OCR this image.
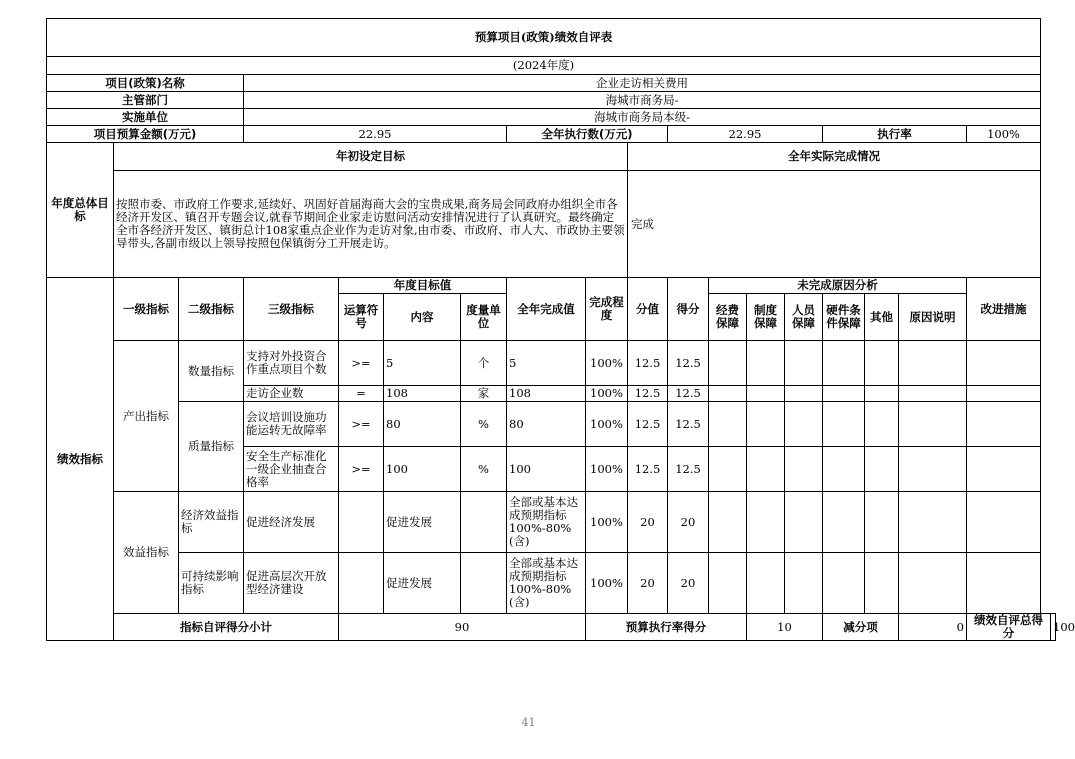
预算项目(政策)绩效自评表																		
(2024年度)																		
项目(政策)名称			企业走访相关费用															
主管部门			海城市商务局-															
实施单位			海城市商务局本级-															
项目预算金额(万元)			22.95				全年执行数(万元)			22.95				执行率			100%	
年度总体目标	年初设定目标								全年实际完成情况									
	按照市委、市政府工作要求,延续好、巩固好首届海商大会的宝贵成果,商务局会同政府办组织全市各经济开发区、镇召开专题会议,就春节期间企业家走访慰问活动安排情况进行了认真研究。最终确定全市各经济开发区、镇街总计108家重点企业作为走访对象,由市委、市政府、市人大、市政协主要领导带头,各副市级以上领导按照包保镇街分工开展走访。								完成									
绩效指标	一级指标	二级指标	三级指标	年度目标值			全年完成值	完成程度	分值	得分	未完成原因分析						改进措施	
				运算符号	内容	度量单位					经费保障	制度保障	人员保障	硬件条件保障	其他	原因说明		
	产出指标	数量指标	支持对外投资合作重点项目个数	>=	5	个	5	100%	12.5	12.5								
			走访企业数	=	108	家	108	100%	12.5	12.5								
		质量指标	会议培训设施功能运转无故障率	>=	80	%	80	100%	12.5	12.5								
			安全生产标准化一级企业抽查合格率	>=	100	%	100	100%	12.5	12.5								
	效益指标	经济效益指标	促进经济发展		促进发展		全部或基本达成预期指标100%-80%(含)	100%	20	20								
		可持续影响指标	促进高层次开放型经济建设		促进发展		全部或基本达成预期指标100%-80%(含)	100%	20	20								
	指标自评得分小计			90				预算执行率得分				10		减分项		0	绩效自评总得分	100
41
